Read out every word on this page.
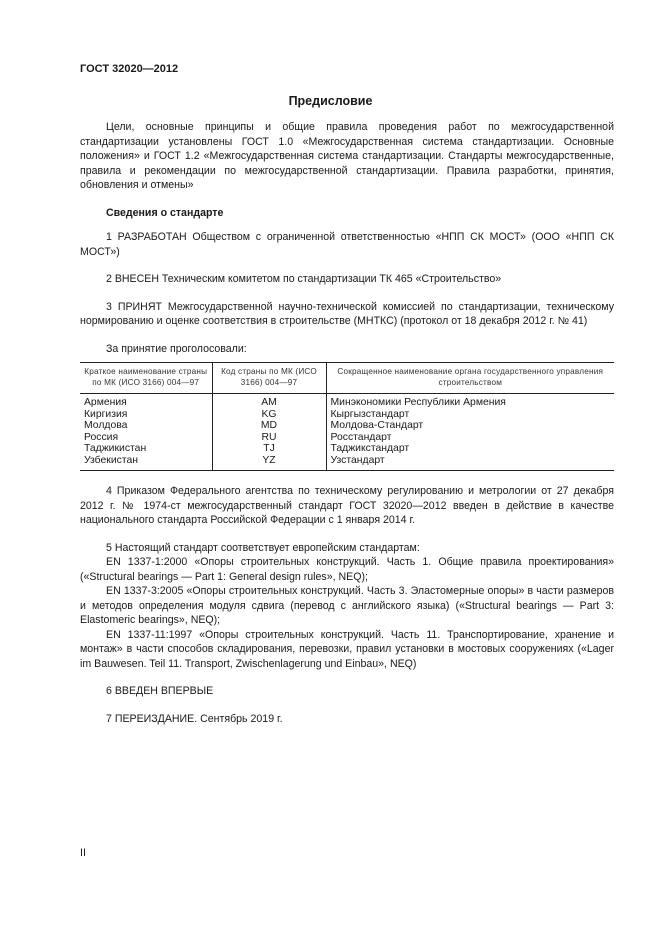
ГОСТ 32020—2012
Предисловие

Цели, основные принципы и общие правила проведения работ по межгосударственной стандартизации установлены ГОСТ 1.0 «Межгосударственная система стандартизации. Основные положения» и ГОСТ 1.2 «Межгосударственная система стандартизации. Стандарты межгосударственные, правила и рекомендации по межгосударственной стандартизации. Правила разработки, принятия, обновления и отмены»

Сведения о стандарте

1 РАЗРАБОТАН Обществом с ограниченной ответственностью «НПП СК МОСТ» (ООО «НПП СК МОСТ»)

2 ВНЕСЕН Техническим комитетом по стандартизации ТК 465 «Строительство»

3 ПРИНЯТ Межгосударственной научно-технической комиссией по стандартизации, техническому нормированию и оценке соответствия в строительстве (МНТКС) (протокол от 18 декабря 2012 г. № 41)

За принятие проголосовали:

Краткое наименование страны по МК (ИСО 3166) 004—97	Код страны по МК (ИСО 3166) 004—97	Сокращенное наименование органа государственного управления строительством
Армения	AM	Минэкономики Республики Армения
Киргизия	KG	Кыргызстандарт
Молдова	MD	Молдова-Стандарт
Россия	RU	Росстандарт
Таджикистан	TJ	Таджикстандарт
Узбекистан	YZ	Узстандарт

4 Приказом Федерального агентства по техническому регулированию и метрологии от 27 декабря 2012 г. № 1974-ст межгосударственный стандарт ГОСТ 32020—2012 введен в действие в качестве национального стандарта Российской Федерации с 1 января 2014 г.

5 Настоящий стандарт соответствует европейским стандартам:

EN 1337-1:2000 «Опоры строительных конструкций. Часть 1. Общие правила проектирования» («Structural bearings — Part 1: General design rules», NEQ);

EN 1337-3:2005 «Опоры строительных конструкций. Часть 3. Эластомерные опоры» в части размеров и методов определения модуля сдвига (перевод с английского языка) («Structural bearings — Part 3: Elastomeric bearings», NEQ);

EN 1337-11:1997 «Опоры строительных конструкций. Часть 11. Транспортирование, хранение и монтаж» в части способов складирования, перевозки, правил установки в мостовых сооружениях («Lager im Bauwesen. Teil 11. Transport, Zwischenlagerung und Einbau», NEQ)

6 ВВЕДЕН ВПЕРВЫЕ

7 ПЕРЕИЗДАНИЕ. Сентябрь 2019 г.

II
